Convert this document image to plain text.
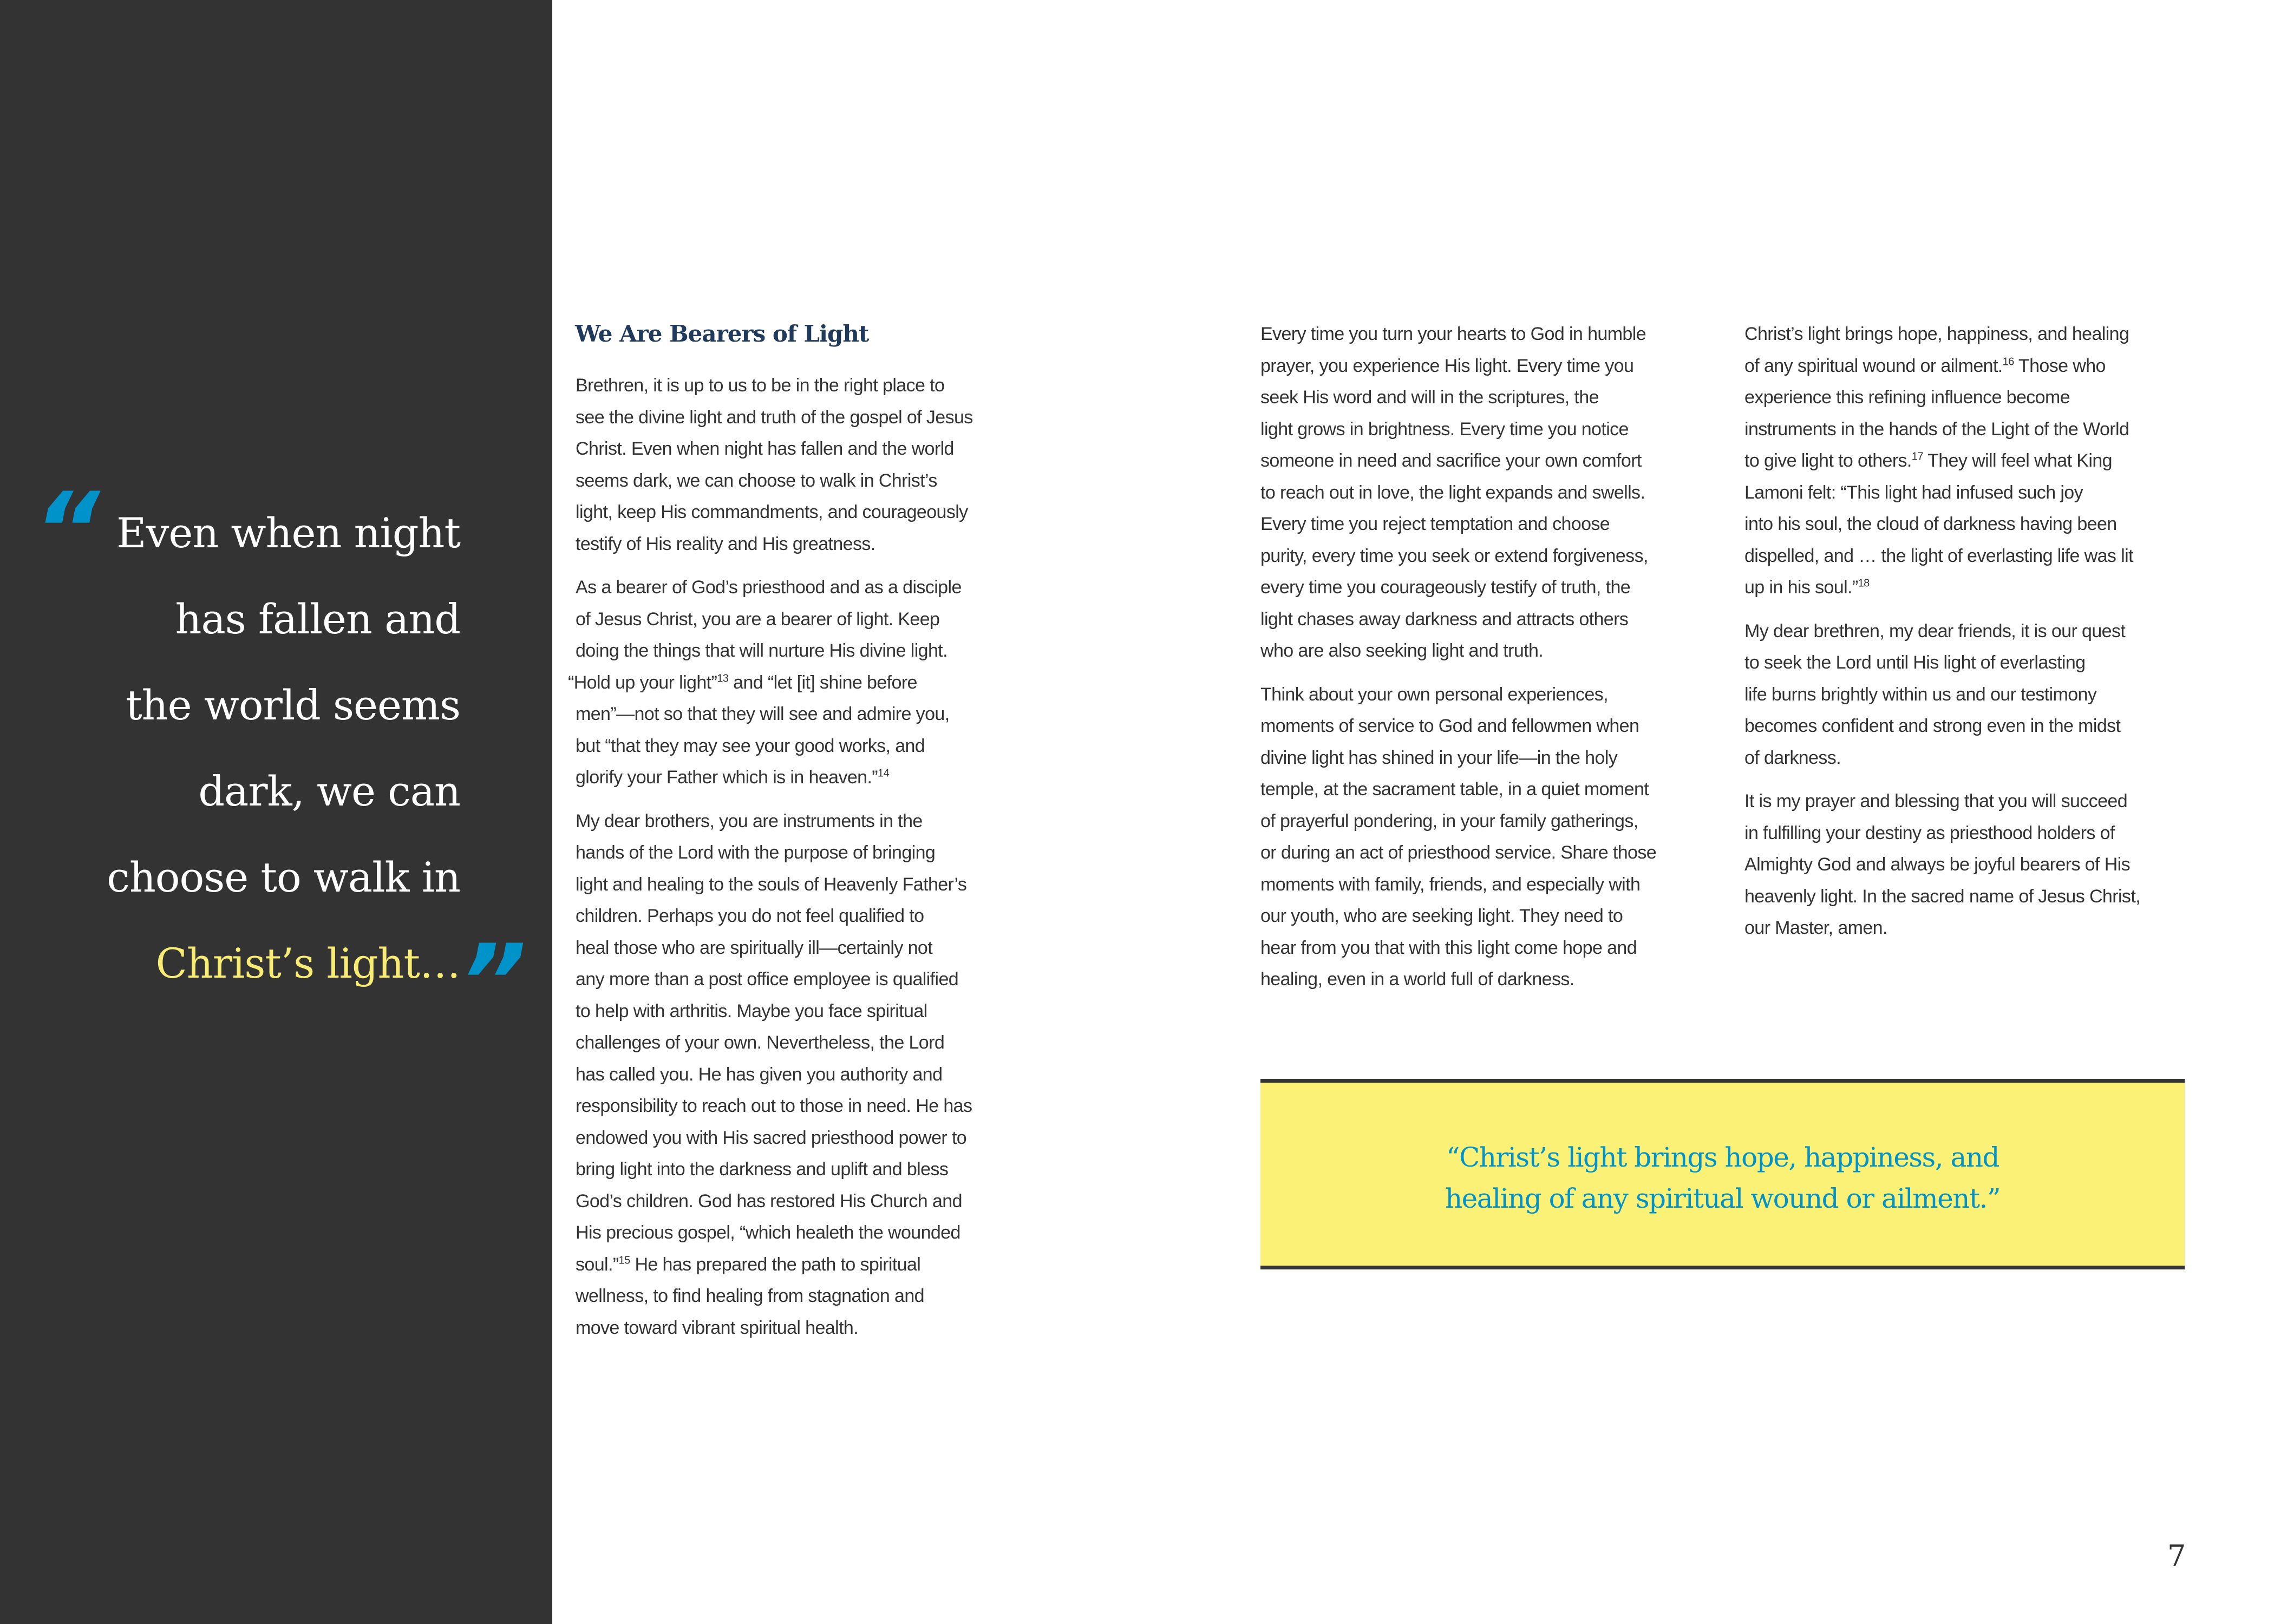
“ Even when night
has fallen and
the world seems
dark, we can
choose to walk in
Christ’s light… ”
We Are Bearers of Light

Brethren, it is up to us to be in the right place to
see the divine light and truth of the gospel of Jesus
Christ. Even when night has fallen and the world
seems dark, we can choose to walk in Christ’s
light, keep His commandments, and courageously
testify of His reality and His greatness.

As a bearer of God’s priesthood and as a disciple
of Jesus Christ, you are a bearer of light. Keep
doing the things that will nurture His divine light.
“Hold up your light”$^{13}$ and “let [it] shine before
men”—not so that they will see and admire you,
but “that they may see your good works, and
glorify your Father which is in heaven.”$^{14}$

My dear brothers, you are instruments in the
hands of the Lord with the purpose of bringing
light and healing to the souls of Heavenly Father’s
children. Perhaps you do not feel qualified to
heal those who are spiritually ill—certainly not
any more than a post office employee is qualified
to help with arthritis. Maybe you face spiritual
challenges of your own. Nevertheless, the Lord
has called you. He has given you authority and
responsibility to reach out to those in need. He has
endowed you with His sacred priesthood power to
bring light into the darkness and uplift and bless
God’s children. God has restored His Church and
His precious gospel, “which healeth the wounded
soul.”$^{15}$ He has prepared the path to spiritual
wellness, to find healing from stagnation and
move toward vibrant spiritual health.

Every time you turn your hearts to God in humble
prayer, you experience His light. Every time you
seek His word and will in the scriptures, the
light grows in brightness. Every time you notice
someone in need and sacrifice your own comfort
to reach out in love, the light expands and swells.
Every time you reject temptation and choose
purity, every time you seek or extend forgiveness,
every time you courageously testify of truth, the
light chases away darkness and attracts others
who are also seeking light and truth.

Think about your own personal experiences,
moments of service to God and fellowmen when
divine light has shined in your life—in the holy
temple, at the sacrament table, in a quiet moment
of prayerful pondering, in your family gatherings,
or during an act of priesthood service. Share those
moments with family, friends, and especially with
our youth, who are seeking light. They need to
hear from you that with this light come hope and
healing, even in a world full of darkness.

Christ’s light brings hope, happiness, and healing
of any spiritual wound or ailment.$^{16}$ Those who
experience this refining influence become
instruments in the hands of the Light of the World
to give light to others.$^{17}$ They will feel what King
Lamoni felt: “This light had infused such joy
into his soul, the cloud of darkness having been
dispelled, and … the light of everlasting life was lit
up in his soul.”$^{18}$

My dear brethren, my dear friends, it is our quest
to seek the Lord until His light of everlasting
life burns brightly within us and our testimony
becomes confident and strong even in the midst
of darkness.

It is my prayer and blessing that you will succeed
in fulfilling your destiny as priesthood holders of
Almighty God and always be joyful bearers of His
heavenly light. In the sacred name of Jesus Christ,
our Master, amen.

“Christ’s light brings hope, happiness, and
healing of any spiritual wound or ailment.”
7
